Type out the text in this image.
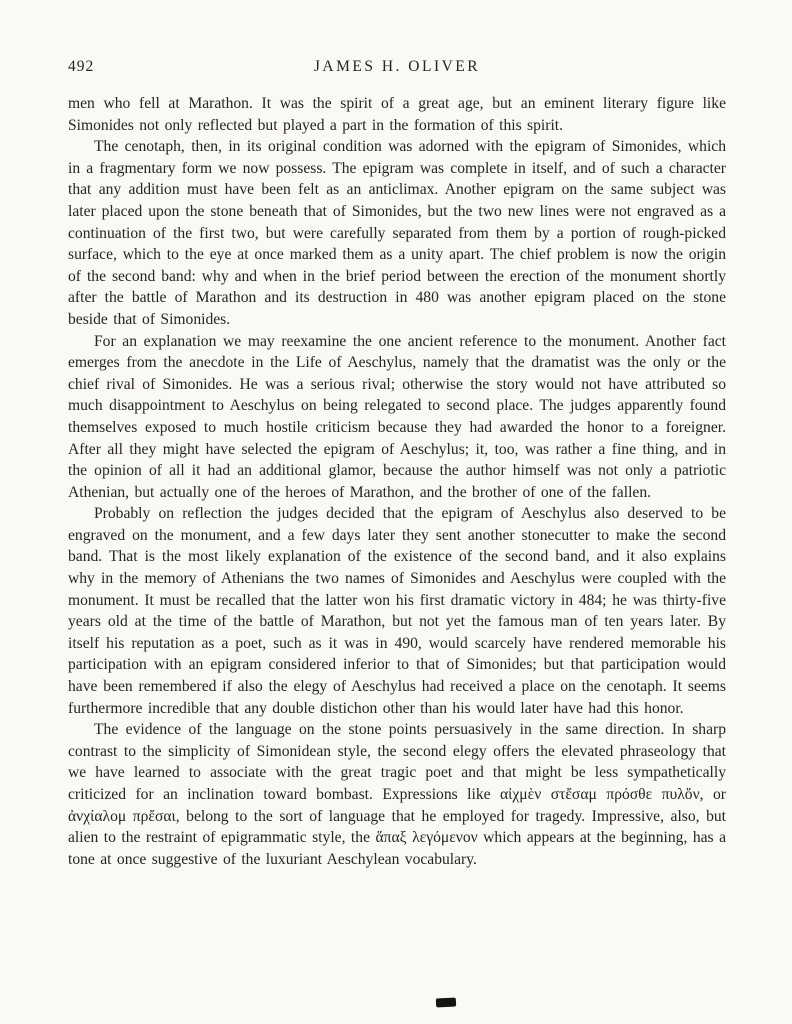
492	JAMES H. OLIVER

men who fell at Marathon. It was the spirit of a great age, but an eminent literary figure like Simonides not only reflected but played a part in the formation of this spirit.

The cenotaph, then, in its original condition was adorned with the epigram of Simonides, which in a fragmentary form we now possess. The epigram was complete in itself, and of such a character that any addition must have been felt as an anticlimax. Another epigram on the same subject was later placed upon the stone beneath that of Simonides, but the two new lines were not engraved as a continuation of the first two, but were carefully separated from them by a portion of rough-picked surface, which to the eye at once marked them as a unity apart. The chief problem is now the origin of the second band: why and when in the brief period between the erection of the monument shortly after the battle of Marathon and its destruction in 480 was another epigram placed on the stone beside that of Simonides.

For an explanation we may reexamine the one ancient reference to the monument. Another fact emerges from the anecdote in the Life of Aeschylus, namely that the dramatist was the only or the chief rival of Simonides. He was a serious rival; otherwise the story would not have attributed so much disappointment to Aeschylus on being relegated to second place. The judges apparently found themselves exposed to much hostile criticism because they had awarded the honor to a foreigner. After all they might have selected the epigram of Aeschylus; it, too, was rather a fine thing, and in the opinion of all it had an additional glamor, because the author himself was not only a patriotic Athenian, but actually one of the heroes of Marathon, and the brother of one of the fallen.

Probably on reflection the judges decided that the epigram of Aeschylus also deserved to be engraved on the monument, and a few days later they sent another stonecutter to make the second band. That is the most likely explanation of the existence of the second band, and it also explains why in the memory of Athenians the two names of Simonides and Aeschylus were coupled with the monument. It must be recalled that the latter won his first dramatic victory in 484; he was thirty-five years old at the time of the battle of Marathon, but not yet the famous man of ten years later. By itself his reputation as a poet, such as it was in 490, would scarcely have rendered memorable his participation with an epigram considered inferior to that of Simonides; but that participation would have been remembered if also the elegy of Aeschylus had received a place on the cenotaph. It seems furthermore incredible that any double distichon other than his would later have had this honor.

The evidence of the language on the stone points persuasively in the same direction. In sharp contrast to the simplicity of Simonidean style, the second elegy offers the elevated phraseology that we have learned to associate with the great tragic poet and that might be less sympathetically criticized for an inclination toward bombast. Expressions like αἰχμὲν στἔσαμ πρόσθε πυλὄν, or ἀνχίαλομ πρἔσαι, belong to the sort of language that he employed for tragedy. Impressive, also, but alien to the restraint of epigrammatic style, the ἅπαξ λεγόμενον which appears at the beginning, has a tone at once suggestive of the luxuriant Aeschylean vocabulary.
